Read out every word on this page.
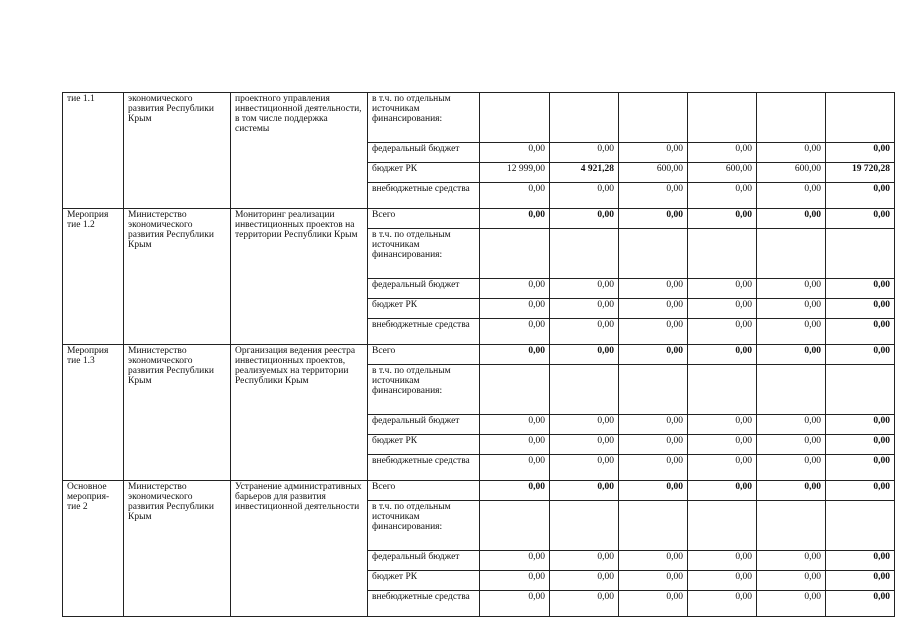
тие 1.1	экономического развития Республики Крым	проектного управления инвестиционной деятельности, в том числе поддержка системы	в т.ч. по отдельным источникам финансирования:						
			федеральный бюджет	0,00	0,00	0,00	0,00	0,00	0,00
			бюджет РК	12 999,00	4 921,28	600,00	600,00	600,00	19 720,28
			внебюджетные средства	0,00	0,00	0,00	0,00	0,00	0,00
Мероприя тие 1.2	Министерство экономического развития Республики Крым	Мониторинг реализации инвестиционных проектов на территории Республики Крым	Всего	0,00	0,00	0,00	0,00	0,00	0,00
			в т.ч. по отдельным источникам финансирования:						
			федеральный бюджет	0,00	0,00	0,00	0,00	0,00	0,00
			бюджет РК	0,00	0,00	0,00	0,00	0,00	0,00
			внебюджетные средства	0,00	0,00	0,00	0,00	0,00	0,00
Мероприя тие 1.3	Министерство экономического развития Республики Крым	Организация ведения реестра инвестиционных проектов, реализуемых на территории Республики Крым	Всего	0,00	0,00	0,00	0,00	0,00	0,00
			в т.ч. по отдельным источникам финансирования:						
			федеральный бюджет	0,00	0,00	0,00	0,00	0,00	0,00
			бюджет РК	0,00	0,00	0,00	0,00	0,00	0,00
			внебюджетные средства	0,00	0,00	0,00	0,00	0,00	0,00
Основное мероприя- тие 2	Министерство экономического развития Республики Крым	Устранение административных барьеров для развития инвестиционной деятельности	Всего	0,00	0,00	0,00	0,00	0,00	0,00
			в т.ч. по отдельным источникам финансирования:						
			федеральный бюджет	0,00	0,00	0,00	0,00	0,00	0,00
			бюджет РК	0,00	0,00	0,00	0,00	0,00	0,00
			внебюджетные средства	0,00	0,00	0,00	0,00	0,00	0,00
